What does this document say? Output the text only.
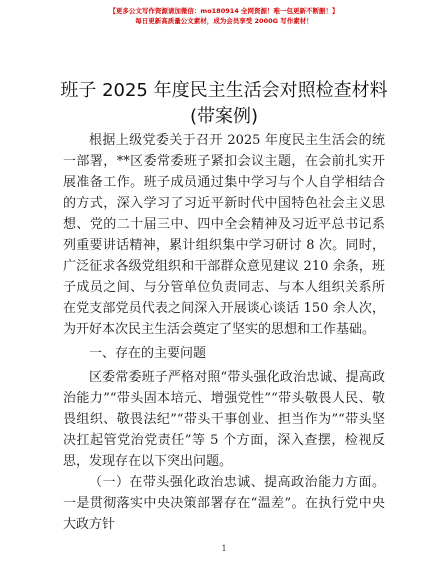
【更多公文写作资源请加微信：mo180914 全网资源！唯一包更新不断删！】
每日更新高质量公文素材，成为会员享受 2000G 写作素材！
班子 2025 年度民主生活会对照检查材料(带案例)

根据上级党委关于召开 2025 年度民主生活会的统一部署，**区委常委班子紧扣会议主题，在会前扎实开展准备工作。班子成员通过集中学习与个人自学相结合的方式，深入学习了习近平新时代中国特色社会主义思想、党的二十届三中、四中全会精神及习近平总书记系列重要讲话精神，累计组织集中学习研讨 8 次。同时，广泛征求各级党组织和干部群众意见建议 210 余条，班子成员之间、与分管单位负责同志、与本人组织关系所在党支部党员代表之间深入开展谈心谈话 150 余人次，为开好本次民主生活会奠定了坚实的思想和工作基础。

一、存在的主要问题

区委常委班子严格对照“带头强化政治忠诚、提高政治能力”“带头固本培元、增强党性”“带头敬畏人民、敬畏组织、敬畏法纪”“带头干事创业、担当作为”“带头坚决扛起管党治党责任”等 5 个方面，深入查摆，检视反思，发现存在以下突出问题。

（一）在带头强化政治忠诚、提高政治能力方面。一是贯彻落实中央决策部署存在“温差”。在执行党中央大政方针

1
